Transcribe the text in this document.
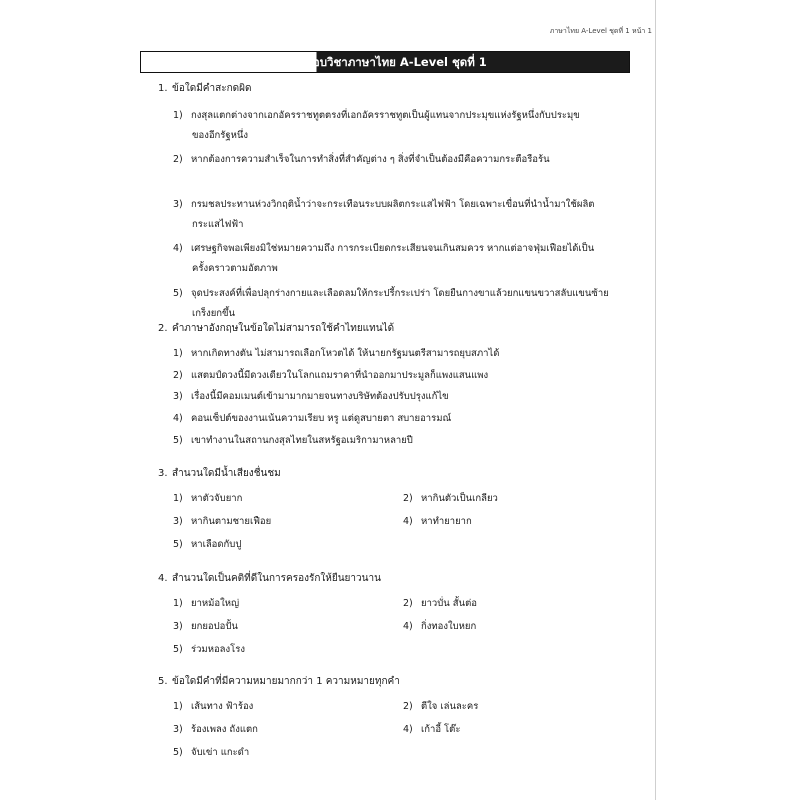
ภาษาไทย A-Level ชุดที่ 1 หน้า 1
ข้อสอบวิชาภาษาไทย A-Level ชุดที่ 1
1. ข้อใดมีคำสะกดผิด
1) กงสุลแตกต่างจากเอกอัครราชทูตตรงที่เอกอัครราชทูตเป็นผู้แทนจากประมุขแห่งรัฐหนึ่งกับประมุข
ของอีกรัฐหนึ่ง
2) หากต้องการความสำเร็จในการทำสิ่งที่สำคัญต่าง ๆ สิ่งที่จำเป็นต้องมีคือความกระตือรือร้น
3) กรมชลประทานห่วงวิกฤติน้ำว่าจะกระเทือนระบบผลิตกระแสไฟฟ้า โดยเฉพาะเขื่อนที่นำน้ำมาใช้ผลิต
กระแสไฟฟ้า
4) เศรษฐกิจพอเพียงมิใช่หมายความถึง การกระเบียดกระเสียนจนเกินสมควร หากแต่อาจฟุ่มเฟือยได้เป็น
ครั้งคราวตามอัตภาพ
5) จุดประสงค์ที่เพื่อปลุกร่างกายและเลือดลมให้กระปรี้กระเปร่า โดยยืนกางขาแล้วยกแขนขวาสลับแขนซ้าย
เกร็งยกขึ้น
2. คำภาษาอังกฤษในข้อใดไม่สามารถใช้คำไทยแทนได้
1) หากเกิดทางตัน ไม่สามารถเลือกโหวตได้ ให้นายกรัฐมนตรีสามารถยุบสภาได้
2) แสตมป์ดวงนี้มีดวงเดียวในโลกแถมราคาที่นำออกมาประมูลก็แพงแสนแพง
3) เรื่องนี้มีคอมเมนต์เข้ามามากมายจนทางบริษัทต้องปรับปรุงแก้ไข
4) คอนเซ็ปต์ของงานเน้นความเรียบ หรู แต่ดูสบายตา สบายอารมณ์
5) เขาทำงานในสถานกงสุลไทยในสหรัฐอเมริกามาหลายปี
3. สำนวนใดมีน้ำเสียงชื่นชม
1) หาตัวจับยาก	2) หากินตัวเป็นเกลียว
3) หากินตามชายเฟือย	4) หาทำยายาก
5) หาเลือดกับปู
4. สำนวนใดเป็นคติที่ดีในการครองรักให้ยืนยาวนาน
1) ยาหม้อใหญ่	2) ยาวบั่น สั้นต่อ
3) ยกยอปอปั้น	4) กิ่งทองใบหยก
5) ร่วมหอลงโรง
5. ข้อใดมีคำที่มีความหมายมากกว่า 1 ความหมายทุกคำ
1) เส้นทาง ฟ้าร้อง	2) ตีใจ เล่นละคร
3) ร้องเพลง ถังแตก	4) เก้าอี้ โต๊ะ
5) จับเข่า แกะดำ
